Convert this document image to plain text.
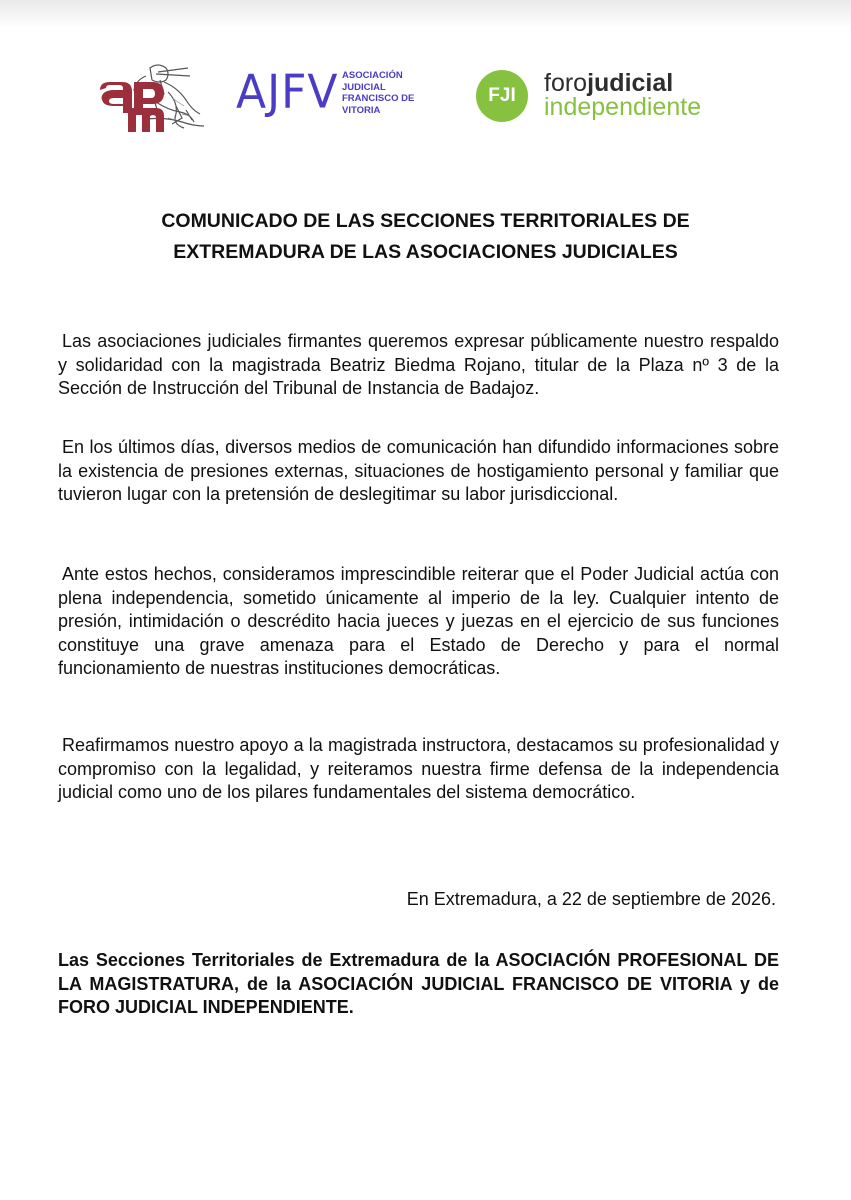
AJFV ASOCIACIÓN
JUDICIAL
FRANCISCO DE
VITORIA
FJI	forojudicial
independiente
COMUNICADO DE LAS SECCIONES TERRITORIALES DE
EXTREMADURA DE LAS ASOCIACIONES JUDICIALES
Las asociaciones judiciales firmantes queremos expresar públicamente nuestro respaldo y solidaridad con la magistrada Beatriz Biedma Rojano, titular de la Plaza nº 3 de la Sección de Instrucción del Tribunal de Instancia de Badajoz.
En los últimos días, diversos medios de comunicación han difundido informaciones sobre la existencia de presiones externas, situaciones de hostigamiento personal y familiar que tuvieron lugar con la pretensión de deslegitimar su labor jurisdiccional.
Ante estos hechos, consideramos imprescindible reiterar que el Poder Judicial actúa con plena independencia, sometido únicamente al imperio de la ley. Cualquier intento de presión, intimidación o descrédito hacia jueces y juezas en el ejercicio de sus funciones constituye una grave amenaza para el Estado de Derecho y para el normal funcionamiento de nuestras instituciones democráticas.
Reafirmamos nuestro apoyo a la magistrada instructora, destacamos su profesionalidad y compromiso con la legalidad, y reiteramos nuestra firme defensa de la independencia judicial como uno de los pilares fundamentales del sistema democrático.
En Extremadura, a 22 de septiembre de 2026.
Las Secciones Territoriales de Extremadura de la ASOCIACIÓN PROFESIONAL DE LA MAGISTRATURA, de la ASOCIACIÓN JUDICIAL FRANCISCO DE VITORIA y de FORO JUDICIAL INDEPENDIENTE.
